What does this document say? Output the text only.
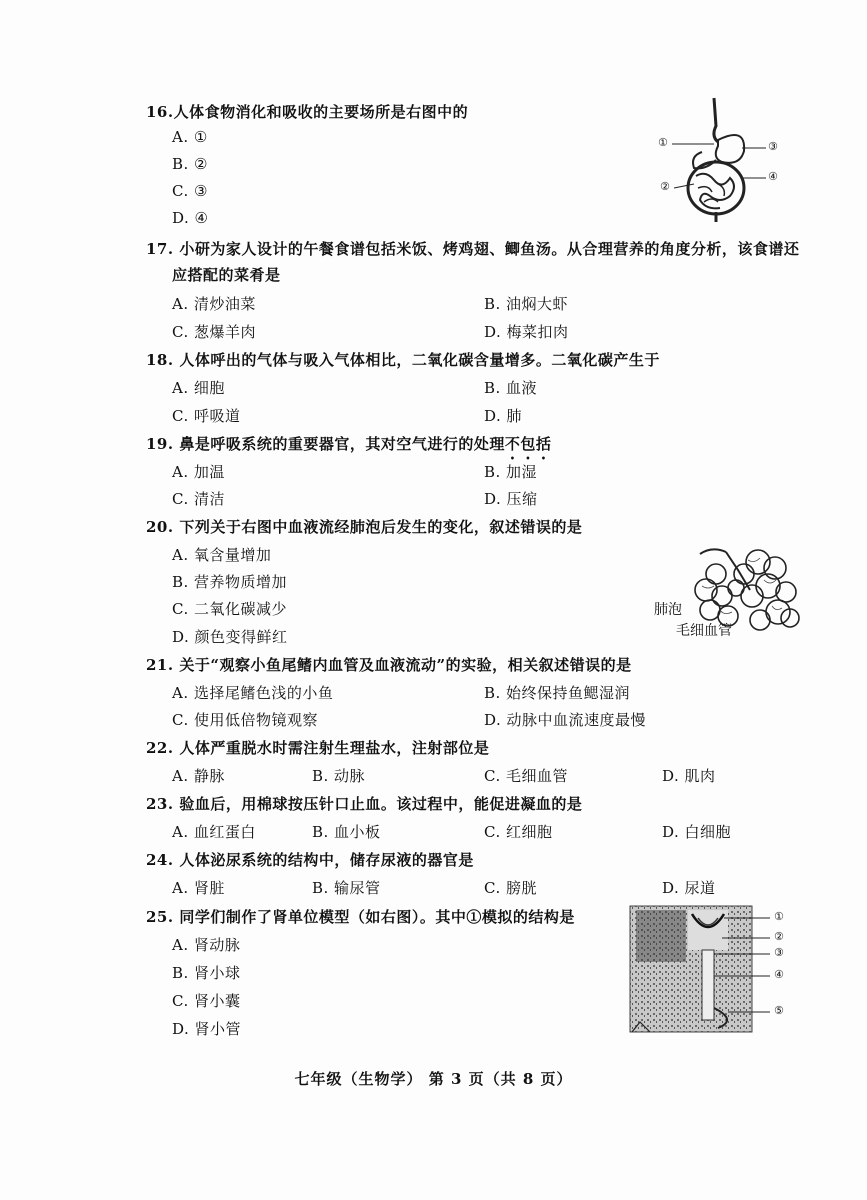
16.人体食物消化和吸收的主要场所是右图中的
A. ①
B. ②
C. ③
D. ④
①
②
③
④
17. 小研为家人设计的午餐食谱包括米饭、烤鸡翅、鲫鱼汤。从合理营养的角度分析，该食谱还
应搭配的菜肴是
A. 清炒油菜	B. 油焖大虾
C. 葱爆羊肉	D. 梅菜扣肉
18. 人体呼出的气体与吸入气体相比，二氧化碳含量增多。二氧化碳产生于
A. 细胞	B. 血液
C. 呼吸道	D. 肺
19. 鼻是呼吸系统的重要器官，其对空气进行的处理不包括
A. 加温	B. 加湿
C. 清洁	D. 压缩
20. 下列关于右图中血液流经肺泡后发生的变化，叙述错误的是
A. 氧含量增加
B. 营养物质增加
C. 二氧化碳减少
D. 颜色变得鲜红
肺泡
毛细血管
21. 关于“观察小鱼尾鳍内血管及血液流动”的实验，相关叙述错误的是
A. 选择尾鳍色浅的小鱼	B. 始终保持鱼鳃湿润
C. 使用低倍物镜观察	D. 动脉中血流速度最慢
22. 人体严重脱水时需注射生理盐水，注射部位是
A. 静脉	B. 动脉	C. 毛细血管	D. 肌肉
23. 验血后，用棉球按压针口止血。该过程中，能促进凝血的是
A. 血红蛋白	B. 血小板	C. 红细胞	D. 白细胞
24. 人体泌尿系统的结构中，储存尿液的器官是
A. 肾脏	B. 输尿管	C. 膀胱	D. 尿道
25. 同学们制作了肾单位模型（如右图）。其中①模拟的结构是
A. 肾动脉
B. 肾小球
C. 肾小囊
D. 肾小管
①
②
③
④
⑤
七年级（生物学） 第 3 页（共 8 页）
